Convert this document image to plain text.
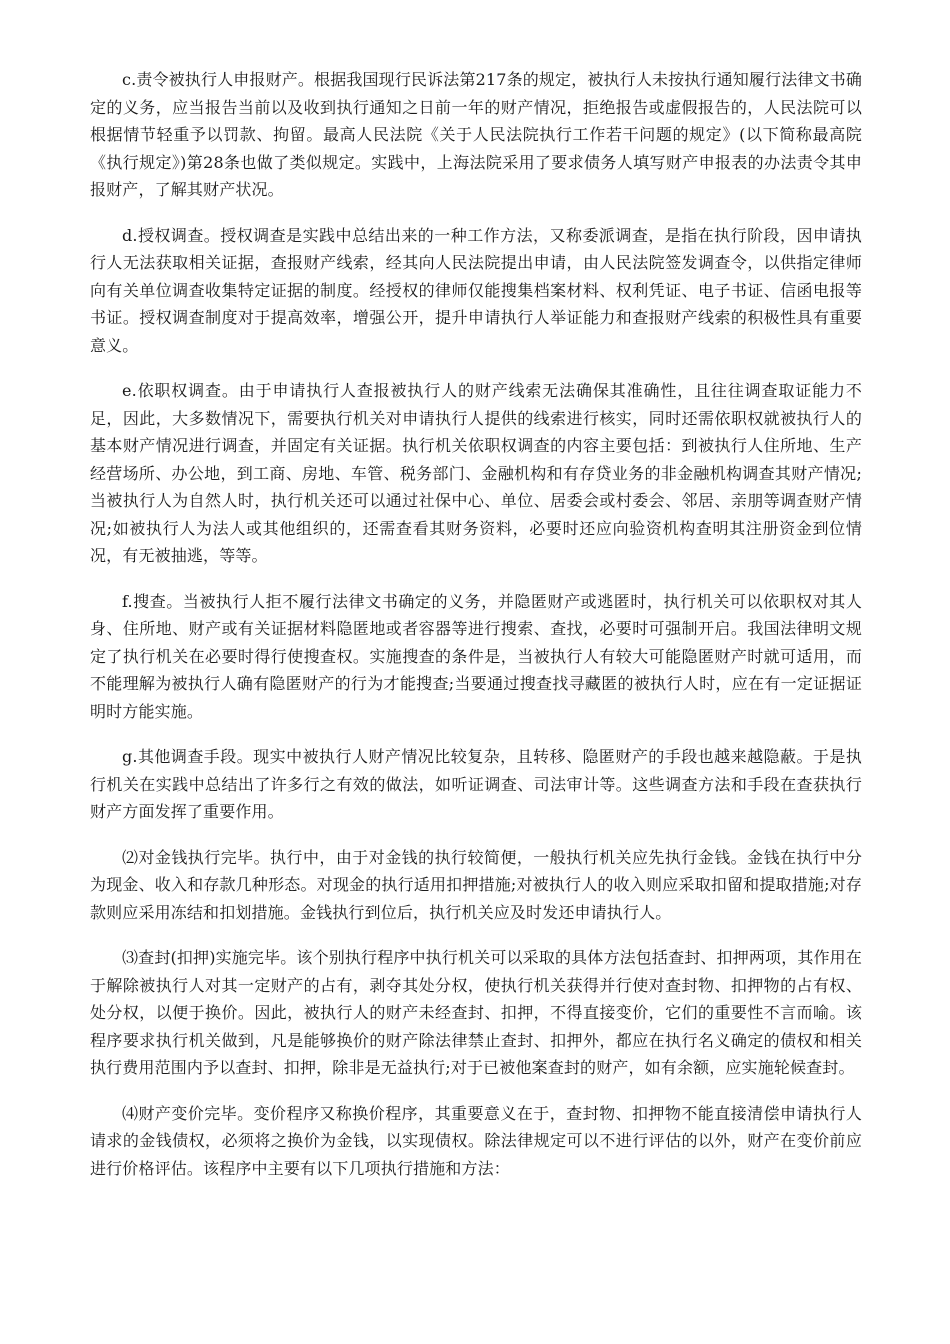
c.责令被执行人申报财产。根据我国现行民诉法第217条的规定，被执行人未按执行通知履行法律文书确定的义务，应当报告当前以及收到执行通知之日前一年的财产情况，拒绝报告或虚假报告的，人民法院可以根据情节轻重予以罚款、拘留。最高人民法院《关于人民法院执行工作若干问题的规定》(以下简称最高院《执行规定》)第28条也做了类似规定。实践中，上海法院采用了要求债务人填写财产申报表的办法责令其申报财产，了解其财产状况。

d.授权调查。授权调查是实践中总结出来的一种工作方法，又称委派调查，是指在执行阶段，因申请执行人无法获取相关证据，查报财产线索，经其向人民法院提出申请，由人民法院签发调查令，以供指定律师向有关单位调查收集特定证据的制度。经授权的律师仅能搜集档案材料、权利凭证、电子书证、信函电报等书证。授权调查制度对于提高效率，增强公开，提升申请执行人举证能力和查报财产线索的积极性具有重要意义。

e.依职权调查。由于申请执行人查报被执行人的财产线索无法确保其准确性，且往往调查取证能力不足，因此，大多数情况下，需要执行机关对申请执行人提供的线索进行核实，同时还需依职权就被执行人的基本财产情况进行调查，并固定有关证据。执行机关依职权调查的内容主要包括：到被执行人住所地、生产经营场所、办公地，到工商、房地、车管、税务部门、金融机构和有存贷业务的非金融机构调查其财产情况;当被执行人为自然人时，执行机关还可以通过社保中心、单位、居委会或村委会、邻居、亲朋等调查财产情况;如被执行人为法人或其他组织的，还需查看其财务资料，必要时还应向验资机构查明其注册资金到位情况，有无被抽逃，等等。

f.搜查。当被执行人拒不履行法律文书确定的义务，并隐匿财产或逃匿时，执行机关可以依职权对其人身、住所地、财产或有关证据材料隐匿地或者容器等进行搜索、查找，必要时可强制开启。我国法律明文规定了执行机关在必要时得行使搜查权。实施搜查的条件是，当被执行人有较大可能隐匿财产时就可适用，而不能理解为被执行人确有隐匿财产的行为才能搜查;当要通过搜查找寻藏匿的被执行人时，应在有一定证据证明时方能实施。

g.其他调查手段。现实中被执行人财产情况比较复杂，且转移、隐匿财产的手段也越来越隐蔽。于是执行机关在实践中总结出了许多行之有效的做法，如听证调查、司法审计等。这些调查方法和手段在查获执行财产方面发挥了重要作用。

⑵对金钱执行完毕。执行中，由于对金钱的执行较简便，一般执行机关应先执行金钱。金钱在执行中分为现金、收入和存款几种形态。对现金的执行适用扣押措施;对被执行人的收入则应采取扣留和提取措施;对存款则应采用冻结和扣划措施。金钱执行到位后，执行机关应及时发还申请执行人。

⑶查封(扣押)实施完毕。该个别执行程序中执行机关可以采取的具体方法包括查封、扣押两项，其作用在于解除被执行人对其一定财产的占有，剥夺其处分权，使执行机关获得并行使对查封物、扣押物的占有权、处分权，以便于换价。因此，被执行人的财产未经查封、扣押，不得直接变价，它们的重要性不言而喻。该程序要求执行机关做到，凡是能够换价的财产除法律禁止查封、扣押外，都应在执行名义确定的债权和相关执行费用范围内予以查封、扣押，除非是无益执行;对于已被他案查封的财产，如有余额，应实施轮候查封。

⑷财产变价完毕。变价程序又称换价程序，其重要意义在于，查封物、扣押物不能直接清偿申请执行人请求的金钱债权，必须将之换价为金钱，以实现债权。除法律规定可以不进行评估的以外，财产在变价前应进行价格评估。该程序中主要有以下几项执行措施和方法：
